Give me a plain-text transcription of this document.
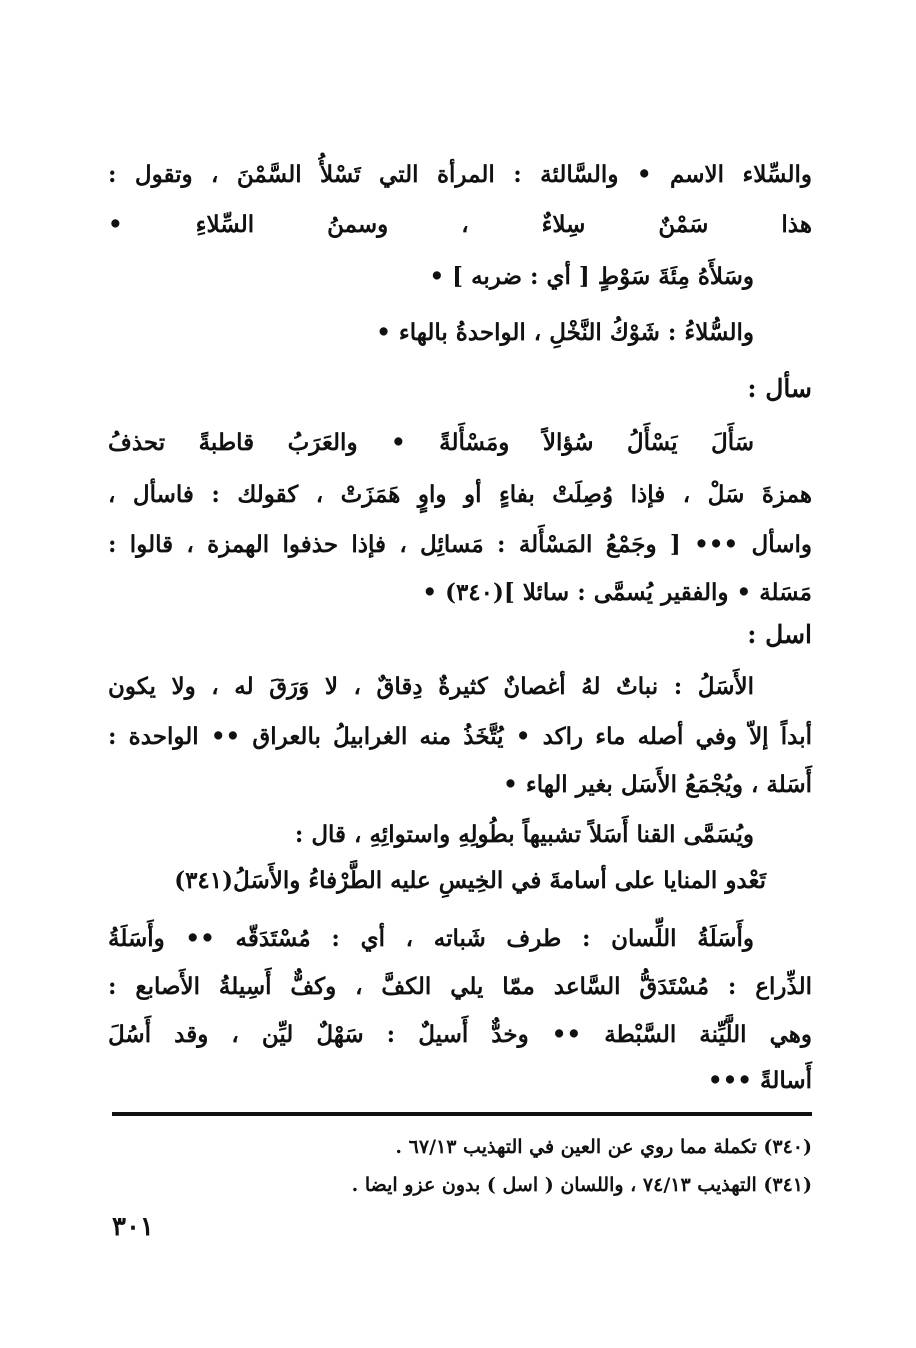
والسِّلاء الاسم • والسَّالئة : المرأة التي تَسْلأُ السَّمْنَ ، وتقول :
هذا سَمْنٌ سِلاءٌ ، وسمنُ السِّلاءِ •
وسَلأَهُ مِئَةَ سَوْطٍ [ أي : ضربه ] •
والسُّلاءُ : شَوْكُ النَّخْلِ ، الواحدةُ بالهاء •
سأل :
سَأَلَ يَسْأَلُ سُؤالاً ومَسْأَلةً • والعَرَبُ قاطبةً تحذفُ
همزةَ سَلْ ، فإذا وُصِلَتْ بفاءٍ أو واوٍ هَمَزَتْ ، كقولك : فاسأل ،
واسأل ••• [ وجَمْعُ المَسْأَلة : مَسائِل ، فإذا حذفوا الهمزة ، قالوا :
مَسَلة • والفقير يُسمَّى : سائلا ](٣٤٠) •
اسل :
الأَسَلُ : نباتٌ لهُ أغصانٌ كثيرةٌ دِقاقٌ ، لا وَرَقَ له ، ولا يكون
أبداً إلاّ وفي أصله ماء راكد • يُتَّخَذُ منه الغرابيلُ بالعراق •• الواحدة :
أَسَلة ، ويُجْمَعُ الأَسَل بغير الهاء •
ويُسَمَّى القنا أَسَلاً تشبيهاً بطُولِهِ واستوائِهِ ، قال :
تَعْدو المنايا على أسامةَ في الخِيسِ عليه الطَّرْفاءُ والأَسَلُ(٣٤١)
وأَسَلَةُ اللِّسان : طرف شَباته ، أي : مُسْتَدَقّه •• وأَسَلَةُ
الذِّراع : مُسْتَدَقُّ السَّاعد ممّا يلي الكفَّ ، وكفٌّ أَسِيلةُ الأَصابع :
وهي اللَّيِّنة السَّبْطة •• وخدٌّ أَسيلٌ : سَهْلٌ ليِّن ، وقد أَسُلَ
أَسالةً •••
(٣٤٠) تكملة مما روي عن العين في التهذيب ٦٧/١٣ .
(٣٤١) التهذيب ٧٤/١٣ ، واللسان ( اسل ) بدون عزو ايضا .
٣٠١
